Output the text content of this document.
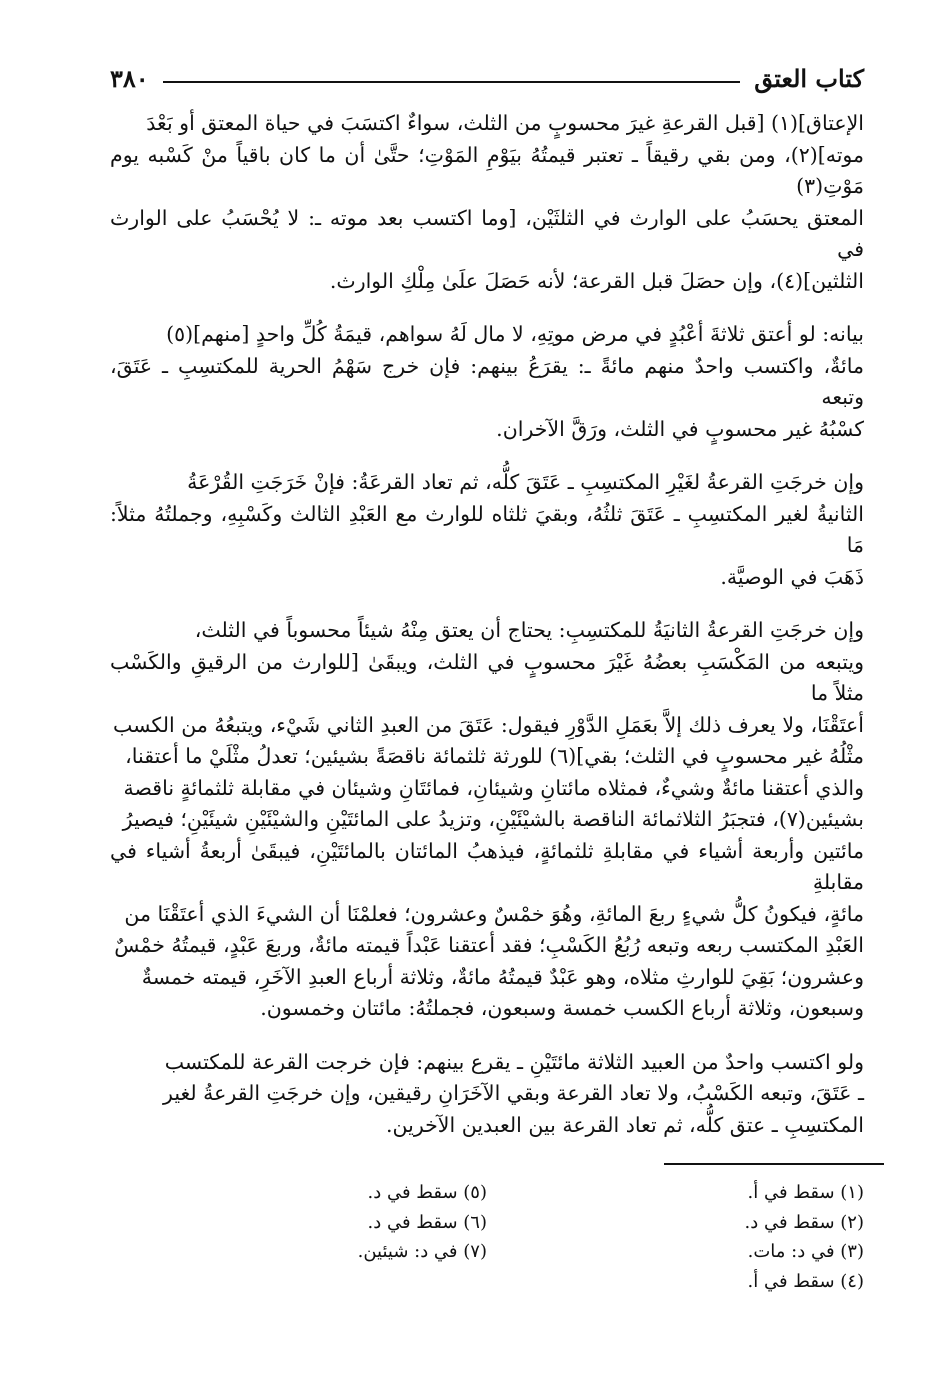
كتاب العتق
٣٨٠

الإعتاق](١) [قبل القرعةِ غيرَ محسوبٍ من الثلث، سواءٌ اكتسَبَ في حياة المعتق أو بَعْدَ

موته](٢)، ومن بقي رقيقاً ـ تعتبر قيمتُهُ بيَوْمِ المَوْتِ؛ حتَّىٰ أن ما كان باقياً منْ كَسْبه يوم مَوْتِ(٣)

المعتق يحسَبُ على الوارث في الثلثَيْن، [وما اكتسب بعد موته ـ: لا يُحْسَبُ على الوارث في

الثلثين](٤)، وإن حصَلَ قبل القرعة؛ لأنه حَصَلَ علَىٰ مِلْكِ الوارث.

بيانه: لو أعتق ثلاثةَ أعْبُدٍ في مرض موتِهِ، لا مال لَهُ سواهم، قيمَةُ كُلِّ واحدٍ [منهم](٥)

مائةٌ، واكتسب واحدٌ منهم مائةً ـ: يقرَعُ بينهم: فإن خرج سَهْمُ الحرية للمكتسِبِ ـ عَتَقَ، وتبعه

كسْبُهُ غير محسوبٍ في الثلث، ورَقَّ الآخران.

وإن خرجَتِ القرعةُ لغَيْرِ المكتسِبِ ـ عَتَقَ كلُّه، ثم تعاد القرعَةُ: فإنْ خَرَجَتِ القُرْعَةُ

الثانيةُ لغير المكتسِبِ ـ عَتَقَ ثلثُهُ، وبقيَ ثلثاه للوارث مع العَبْدِ الثالث وكَسْبِهِ، وجملتُهُ مثلاً: مَا

ذَهَبَ في الوصيَّة.

وإن خرجَتِ القرعةُ الثانيَةُ للمكتسِبِ: يحتاج أن يعتق مِنْهُ شيئاً محسوباً في الثلث،

ويتبعه من المَكْسَبِ بعضُهُ غَيْرَ محسوبٍ في الثلث، ويبقَىٰ [للوارث من الرقيقِ والكَسْب مثلاً ما

أعتَقْنَا، ولا يعرف ذلك إلاَّ بعَمَلِ الدَّوْرِ فيقول: عَتَقَ من العبدِ الثاني شَيْء، ويتبعُهُ من الكسب

مثْلُهُ غير محسوبٍ في الثلث؛ بقي](٦) للورثة ثلثمائة ناقصَةً بشيئين؛ تعدلُ مثْلَيْ ما أعتقنا،

والذي أعتقنا مائةٌ وشيءٌ، فمثلاه مائتانِ وشيئانِ، فمائتَانِ وشيئان في مقابلة ثلثمائةٍ ناقصة

بشيئين(٧)، فتجبَرُ الثلاثمائة الناقصة بالشيْئَيْنِ، وتزيدُ على المائتَيْنِ والشيْئَيْنِ شيئَيْنِ؛ فيصيرُ

مائتين وأربعة أشياء في مقابلةِ ثلثمائةٍ، فيذهبُ المائتان بالمائتَيْنِ، فيبقَىٰ أربعةُ أشياء في مقابلةِ

مائةٍ، فيكونُ كلُّ شيءٍ ربعَ المائةِ، وهُوَ خمْسٌ وعشرون؛ فعلمْنَا أن الشيءَ الذي أعتَقْنَا من

العَبْدِ المكتسب ربعه وتبعه رُبُعُ الكَسْبِ؛ فقد أعتقنا عَبْداً قيمته مائةٌ، وربعَ عَبْدٍ، قيمتُهُ خمْسٌ

وعشرون؛ بَقِيَ للوارثِ مثلاه، وهو عَبْدٌ قيمتُهُ مائةٌ، وثلاثة أرباع العبدِ الآخَرِ، قيمته خمسةٌ

وسبعون، وثلاثة أرباع الكسب خمسة وسبعون، فجملتُهُ: مائتان وخمسون.

ولو اكتسب واحدٌ من العبيد الثلاثة مائتَيْنِ ـ يقرع بينهم: فإن خرجت القرعة للمكتسب

ـ عَتَقَ، وتبعه الكَسْبُ، ولا تعاد القرعة وبقي الآخَرَانِ رقيقين، وإن خرجَتِ القرعةُ لغير

المكتسِبِ ـ عتق كلُّه، ثم تعاد القرعة بين العبدين الآخرين.

(١) سقط في أ.
(٢) سقط في د.
(٣) في د: مات.
(٤) سقط في أ.
(٥) سقط في د.
(٦) سقط في د.
(٧) في د: شيئين.
